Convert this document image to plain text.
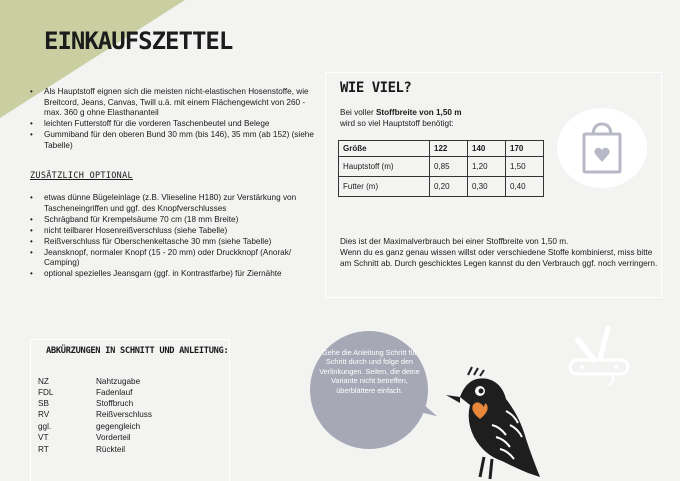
EINKAUFSZETTEL
• Als Hauptstoff eignen sich die meisten nicht-elastischen Hosenstoffe, wie Breitcord, Jeans, Canvas, Twill u.ä. mit einem Flächengewicht von 260 - max. 360 g ohne Elasthananteil
• leichten Futterstoff für die vorderen Taschenbeutel und Belege
• Gummiband für den oberen Bund 30 mm (bis 146), 35 mm (ab 152) (siehe Tabelle)
ZUSÄTZLICH OPTIONAL
• etwas dünne Bügeleinlage (z.B. Vlieseline H180) zur Verstärkung von Tascheneingriffen und ggf. des Knopfverschlusses
• Schrägband für Krempelsäume 70 cm (18 mm Breite)
• nicht teilbarer Hosenreißverschluss (siehe Tabelle)
• Reißverschluss für Oberschenkeltasche 30 mm (siehe Tabelle)
• Jeansknopf, normaler Knopf (15 - 20 mm) oder Druckknopf (Anorak/ Camping)
• optional spezielles Jeansgarn (ggf. in Kontrastfarbe) für Ziernähte
WIE VIEL?
Bei voller Stoffbreite von 1,50 m
wird so viel Hauptstoff benötigt:
Größe	122	140	170
Hauptstoff (m)	0,85	1,20	1,50
Futter (m)	0,20	0,30	0,40
Dies ist der Maximalverbrauch bei einer Stoffbreite von 1,50 m.
Wenn du es ganz genau wissen willst oder verschiedene Stoffe kombinierst, miss bitte am Schnitt ab. Durch geschicktes Legen kannst du den Verbrauch ggf. noch verringern.
ABKÜRZUNGEN IN SCHNITT UND ANLEITUNG:
NZ	Nahtzugabe
FDL	Fadenlauf
SB	Stoffbruch
RV	Reißverschluss
ggl.	gegengleich
VT	Vorderteil
RT	Rückteil
Gehe die Anleitung Schritt für Schritt durch und folge den Verlinkungen. Seiten, die deine Variante nicht betreffen, überblättere einfach.
